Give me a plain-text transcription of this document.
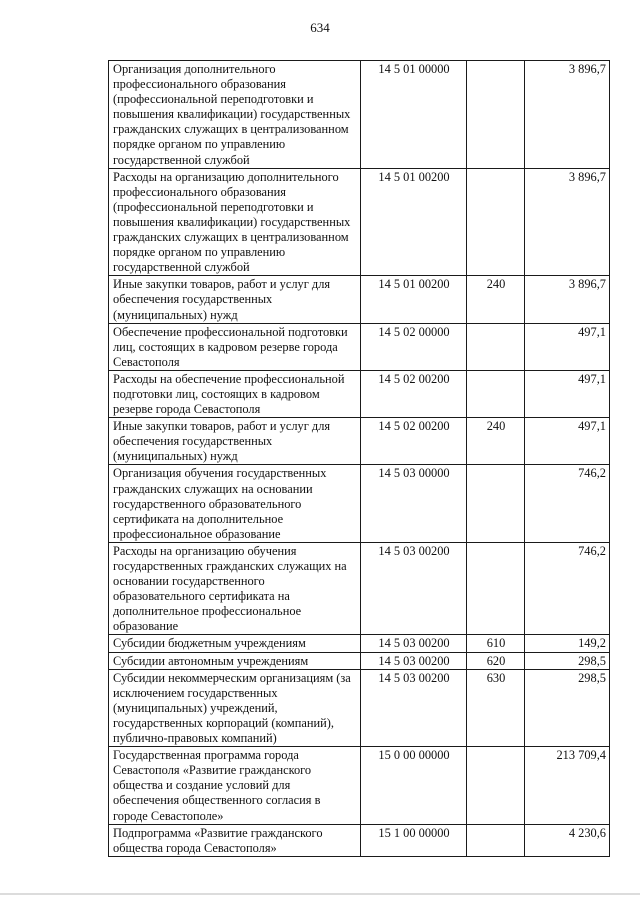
634
Организация дополнительного профессионального образования (профессиональной переподготовки и повышения квалификации) государственных гражданских служащих в централизованном порядке органом по управлению государственной службой	14 5 01 00000		3 896,7
Расходы на организацию дополнительного профессионального образования (профессиональной переподготовки и повышения квалификации) государственных гражданских служащих в централизованном порядке органом по управлению государственной службой	14 5 01 00200		3 896,7
Иные закупки товаров, работ и услуг для обеспечения государственных (муниципальных) нужд	14 5 01 00200	240	3 896,7
Обеспечение профессиональной подготовки лиц, состоящих в кадровом резерве города Севастополя	14 5 02 00000		497,1
Расходы на обеспечение профессиональной подготовки лиц, состоящих в кадровом резерве города Севастополя	14 5 02 00200		497,1
Иные закупки товаров, работ и услуг для обеспечения государственных (муниципальных) нужд	14 5 02 00200	240	497,1
Организация обучения государственных гражданских служащих на основании государственного образовательного сертификата на дополнительное профессиональное образование	14 5 03 00000		746,2
Расходы на организацию обучения государственных гражданских служащих на основании государственного образовательного сертификата на дополнительное профессиональное образование	14 5 03 00200		746,2
Субсидии бюджетным учреждениям	14 5 03 00200	610	149,2
Субсидии автономным учреждениям	14 5 03 00200	620	298,5
Субсидии некоммерческим организациям (за исключением государственных (муниципальных) учреждений, государственных корпораций (компаний), публично-правовых компаний)	14 5 03 00200	630	298,5
Государственная программа города Севастополя «Развитие гражданского общества и создание условий для обеспечения общественного согласия в городе Севастополе»	15 0 00 00000		213 709,4
Подпрограмма «Развитие гражданского общества города Севастополя»	15 1 00 00000		4 230,6
